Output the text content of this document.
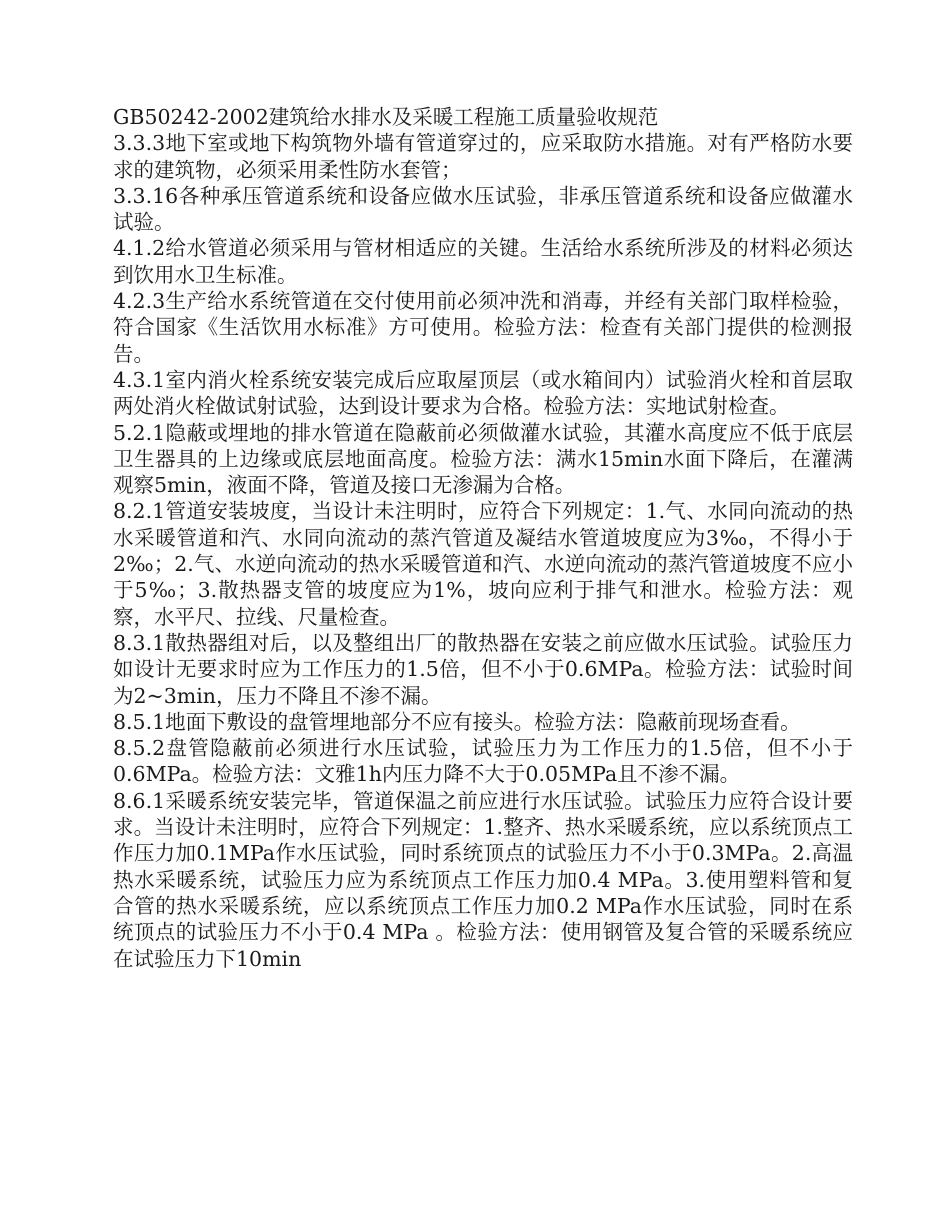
GB50242-2002建筑给水排水及采暖工程施工质量验收规范

3.3.3地下室或地下构筑物外墙有管道穿过的，应采取防水措施。对有严格防水要求的建筑物，必须采用柔性防水套管；

3.3.16各种承压管道系统和设备应做水压试验，非承压管道系统和设备应做灌水试验。

4.1.2给水管道必须采用与管材相适应的关键。生活给水系统所涉及的材料必须达到饮用水卫生标准。

4.2.3生产给水系统管道在交付使用前必须冲洗和消毒，并经有关部门取样检验，符合国家《生活饮用水标准》方可使用。检验方法：检查有关部门提供的检测报告。

4.3.1室内消火栓系统安装完成后应取屋顶层（或水箱间内）试验消火栓和首层取两处消火栓做试射试验，达到设计要求为合格。检验方法：实地试射检查。

5.2.1隐蔽或埋地的排水管道在隐蔽前必须做灌水试验，其灌水高度应不低于底层卫生器具的上边缘或底层地面高度。检验方法：满水15min水面下降后，在灌满观察5min，液面不降，管道及接口无渗漏为合格。

8.2.1管道安装坡度，当设计未注明时，应符合下列规定：1.气、水同向流动的热水采暖管道和汽、水同向流动的蒸汽管道及凝结水管道坡度应为3‰，不得小于2‰；2.气、水逆向流动的热水采暖管道和汽、水逆向流动的蒸汽管道坡度不应小于5‰；3.散热器支管的坡度应为1%，坡向应利于排气和泄水。检验方法：观察，水平尺、拉线、尺量检查。

8.3.1散热器组对后，以及整组出厂的散热器在安装之前应做水压试验。试验压力如设计无要求时应为工作压力的1.5倍，但不小于0.6MPa。检验方法：试验时间为2~3min，压力不降且不渗不漏。

8.5.1地面下敷设的盘管埋地部分不应有接头。检验方法：隐蔽前现场查看。

8.5.2盘管隐蔽前必须进行水压试验，试验压力为工作压力的1.5倍，但不小于0.6MPa。检验方法：文雅1h内压力降不大于0.05MPa且不渗不漏。

8.6.1采暖系统安装完毕，管道保温之前应进行水压试验。试验压力应符合设计要求。当设计未注明时，应符合下列规定：1.整齐、热水采暖系统，应以系统顶点工作压力加0.1MPa作水压试验，同时系统顶点的试验压力不小于0.3MPa。2.高温热水采暖系统，试验压力应为系统顶点工作压力加0.4 MPa。3.使用塑料管和复合管的热水采暖系统，应以系统顶点工作压力加0.2 MPa作水压试验，同时在系统顶点的试验压力不小于0.4 MPa 。检验方法：使用钢管及复合管的采暖系统应在试验压力下10min
